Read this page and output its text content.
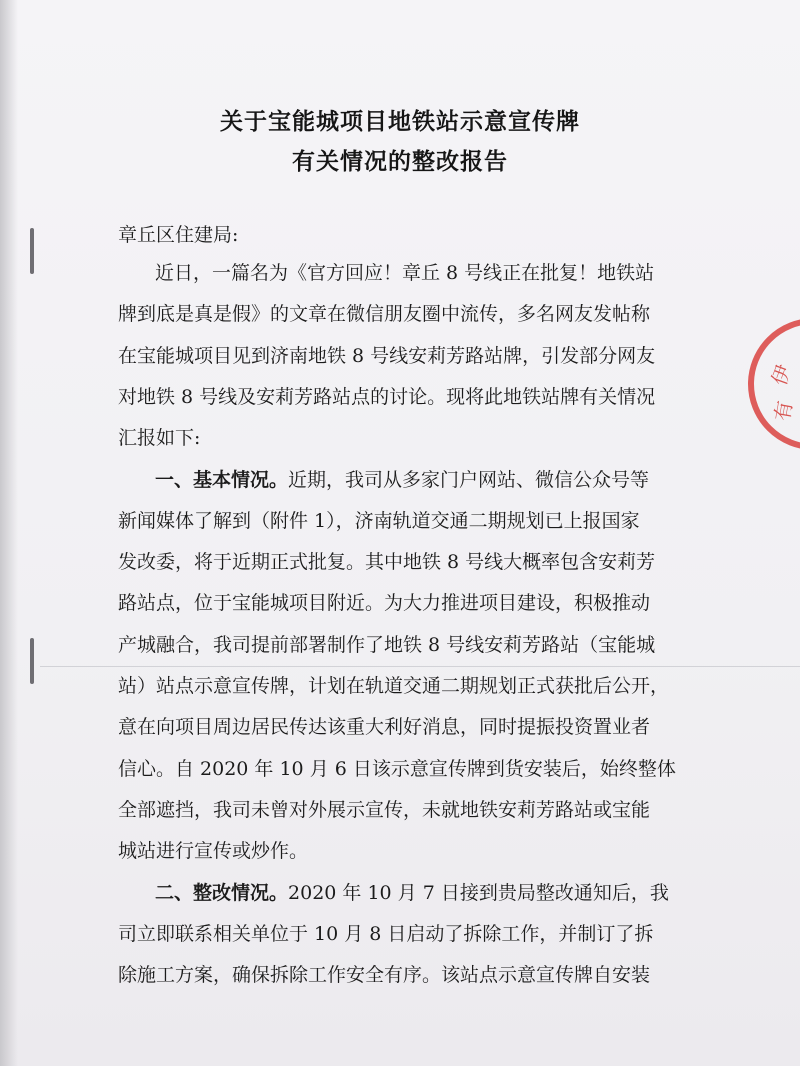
伊
有
关于宝能城项目地铁站示意宣传牌
有关情况的整改报告
章丘区住建局:
近日，一篇名为《官方回应！章丘 8 号线正在批复！地铁站
牌到底是真是假》的文章在微信朋友圈中流传，多名网友发帖称
在宝能城项目见到济南地铁 8 号线安莉芳路站牌，引发部分网友
对地铁 8 号线及安莉芳路站点的讨论。现将此地铁站牌有关情况
汇报如下:
一、基本情况。近期，我司从多家门户网站、微信公众号等
新闻媒体了解到（附件 1），济南轨道交通二期规划已上报国家
发改委，将于近期正式批复。其中地铁 8 号线大概率包含安莉芳
路站点，位于宝能城项目附近。为大力推进项目建设，积极推动
产城融合，我司提前部署制作了地铁 8 号线安莉芳路站（宝能城
站）站点示意宣传牌，计划在轨道交通二期规划正式获批后公开，
意在向项目周边居民传达该重大利好消息，同时提振投资置业者
信心。自 2020 年 10 月 6 日该示意宣传牌到货安装后，始终整体
全部遮挡，我司未曾对外展示宣传，未就地铁安莉芳路站或宝能
城站进行宣传或炒作。
二、整改情况。2020 年 10 月 7 日接到贵局整改通知后，我
司立即联系相关单位于 10 月 8 日启动了拆除工作，并制订了拆
除施工方案，确保拆除工作安全有序。该站点示意宣传牌自安装
